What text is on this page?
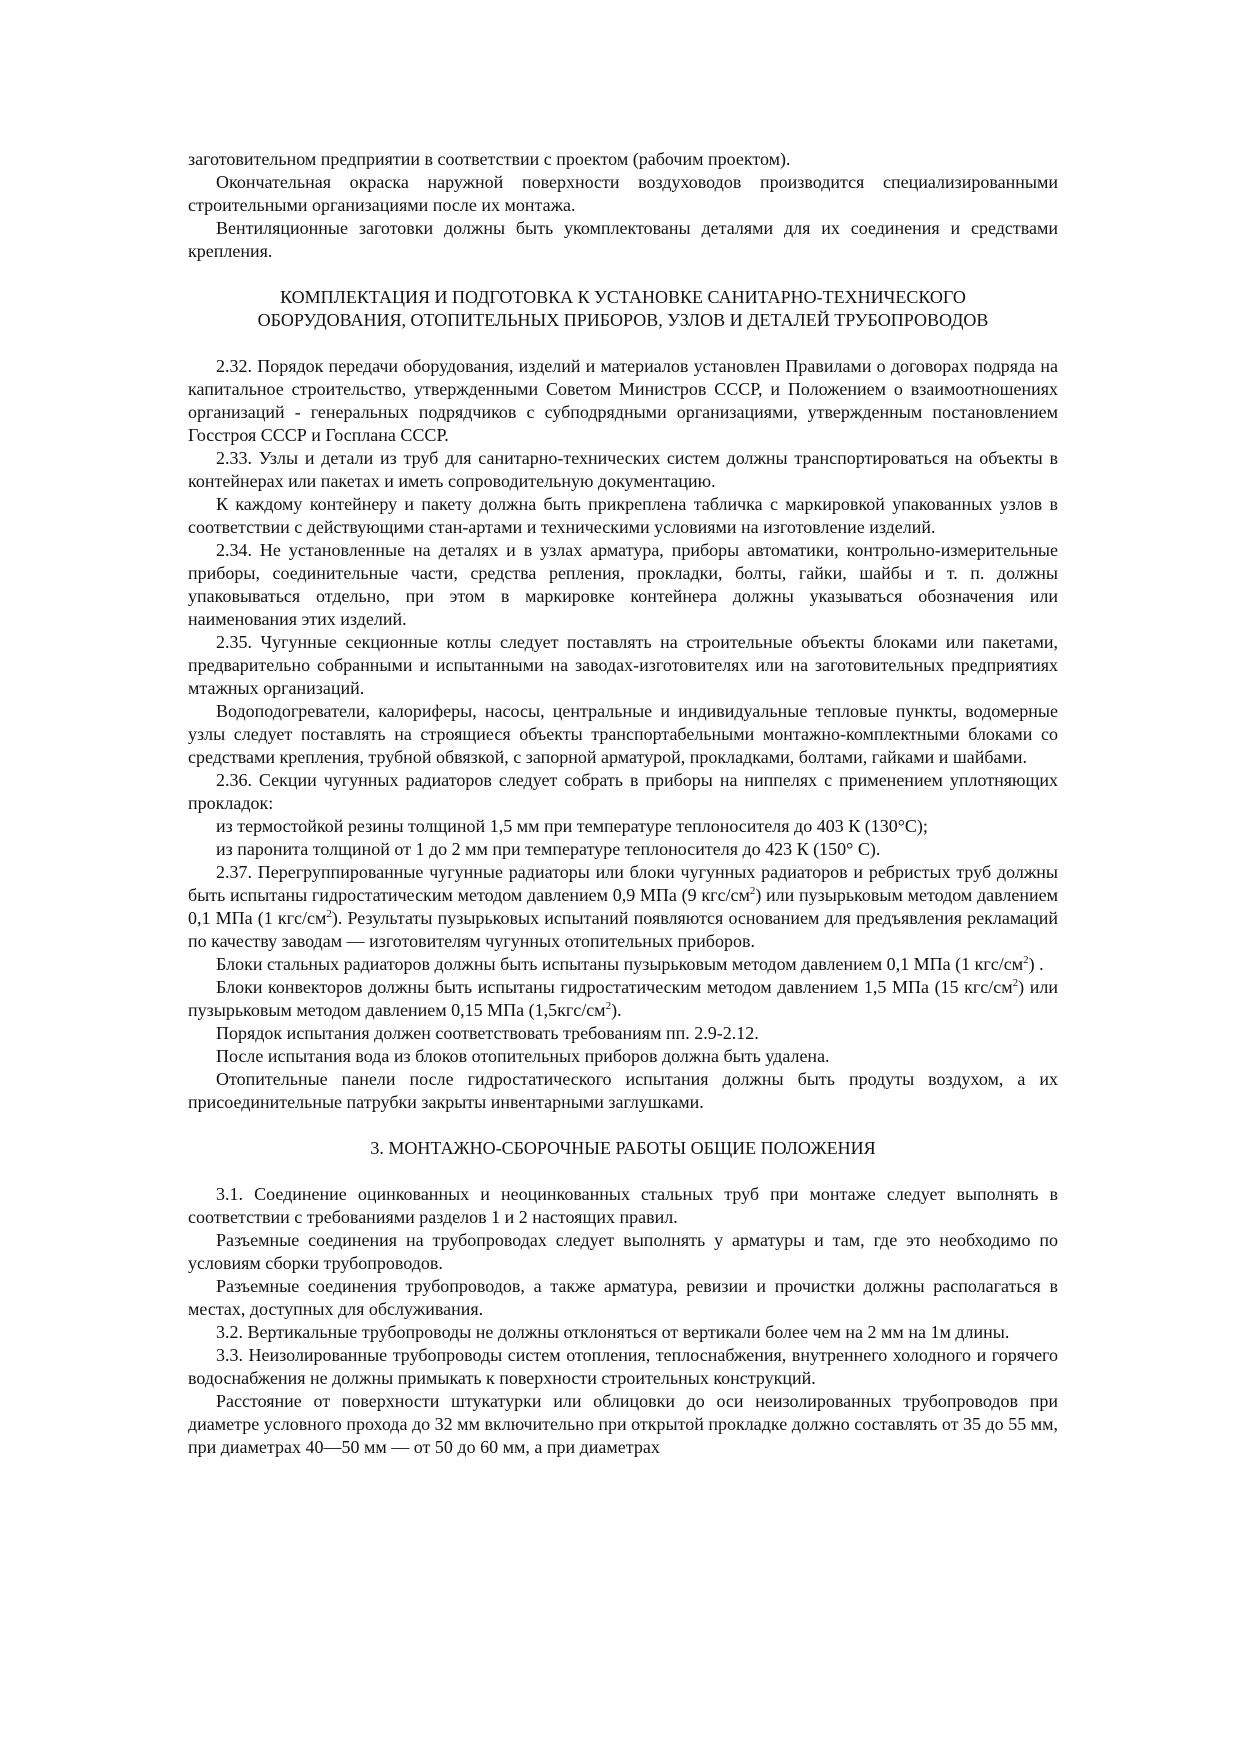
заготовительном предприятии в соответствии с проектом (рабочим проектом).

Окончательная окраска наружной поверхности воздуховодов производится специализированными строительными организациями после их монтажа.

Вентиляционные заготовки должны быть укомплектованы деталями для их соединения и средствами крепления.

КОМПЛЕКТАЦИЯ И ПОДГОТОВКА К УСТАНОВКЕ САНИТАРНО-ТЕХНИЧЕСКОГО

ОБОРУДОВАНИЯ, ОТОПИТЕЛЬНЫХ ПРИБОРОВ, УЗЛОВ И ДЕТАЛЕЙ ТРУБОПРОВОДОВ

2.32. Порядок передачи оборудования, изделий и материалов установлен Правилами о договорах подряда на капитальное строительство, утвержденными Советом Министров СССР, и Положением о взаимоотношениях организаций - генеральных подрядчиков с субподрядными организациями, утвержденным постановлением Госстроя СССР и Госплана СССР.

2.33. Узлы и детали из труб для санитарно-технических систем должны транспортироваться на объекты в контейнерах или пакетах и иметь сопроводительную документацию.

К каждому контейнеру и пакету должна быть прикреплена табличка с маркировкой упакованных узлов в соответствии с действующими стан-артами и техническими условиями на изготовление изделий.

2.34. Не установленные на деталях и в узлах арматура, приборы автоматики, контрольно-измерительные приборы, соединительные части, средства репления, прокладки, болты, гайки, шайбы и т. п. должны упаковываться отдельно, при этом в маркировке контейнера должны указываться обозначения или наименования этих изделий.

2.35. Чугунные секционные котлы следует поставлять на строительные объекты блоками или пакетами, предварительно собранными и испытанными на заводах-изготовителях или на заготовительных предприятиях мтажных организаций.

Водоподогреватели, калориферы, насосы, центральные и индивидуальные тепловые пункты, водомерные узлы следует поставлять на строящиеся объекты транспортабельными монтажно-комплектными блоками со средствами крепления, трубной обвязкой, с запорной арматурой, прокладками, болтами, гайками и шайбами.

2.36. Секции чугунных радиаторов следует собрать в приборы на ниппелях с применением уплотняющих прокладок:

из термостойкой резины толщиной 1,5 мм при температуре теплоносителя до 403 К (130°С);

из паронита толщиной от 1 до 2 мм при температуре теплоносителя до 423 К (150° С).

2.37. Перегруппированные чугунные радиаторы или блоки чугунных радиаторов и ребристых труб должны быть испытаны гидростатическим методом давлением 0,9 МПа (9 кгс/$см^2$) или пузырьковым методом давлением 0,1 МПа (1 кгс/$см^2$). Результаты пузырьковых испытаний появляются основанием для предъявления рекламаций по качеству заводам — изготовителям чугунных отопительных приборов.

Блоки стальных радиаторов должны быть испытаны пузырьковым методом давлением 0,1 МПа (1 кгс/$см^2$) .

Блоки конвекторов должны быть испытаны гидростатическим методом давлением 1,5 МПа (15 кгс/$см^2$) или пузырьковым методом давлением 0,15 МПа $(1,5кгс/см^2)$.

Порядок испытания должен соответствовать требованиям пп. 2.9-2.12.

После испытания вода из блоков отопительных приборов должна быть удалена.

Отопительные панели после гидростатического испытания должны быть продуты воздухом, а их присоединительные патрубки закрыты инвентарными заглушками.

3. МОНТАЖНО-СБОРОЧНЫЕ РАБОТЫ ОБЩИЕ ПОЛОЖЕНИЯ

3.1. Соединение оцинкованных и неоцинкованных стальных труб при монтаже следует выполнять в соответствии с требованиями разделов 1 и 2 настоящих правил.

Разъемные соединения на трубопроводах следует выполнять у арматуры и там, где это необходимо по условиям сборки трубопроводов.

Разъемные соединения трубопроводов, а также арматура, ревизии и прочистки должны располагаться в местах, доступных для обслуживания.

3.2. Вертикальные трубопроводы не должны отклоняться от вертикали более чем на 2 мм на 1м длины.

3.3. Неизолированные трубопроводы систем отопления, теплоснабжения, внутреннего холодного и горячего водоснабжения не должны примыкать к поверхности строительных конструкций.

Расстояние от поверхности штукатурки или облицовки до оси неизолированных трубопроводов при диаметре условного прохода до 32 мм включительно при открытой прокладке должно составлять от 35 до 55 мм, при диаметрах 40—50 мм — от 50 до 60 мм, а при диаметрах
